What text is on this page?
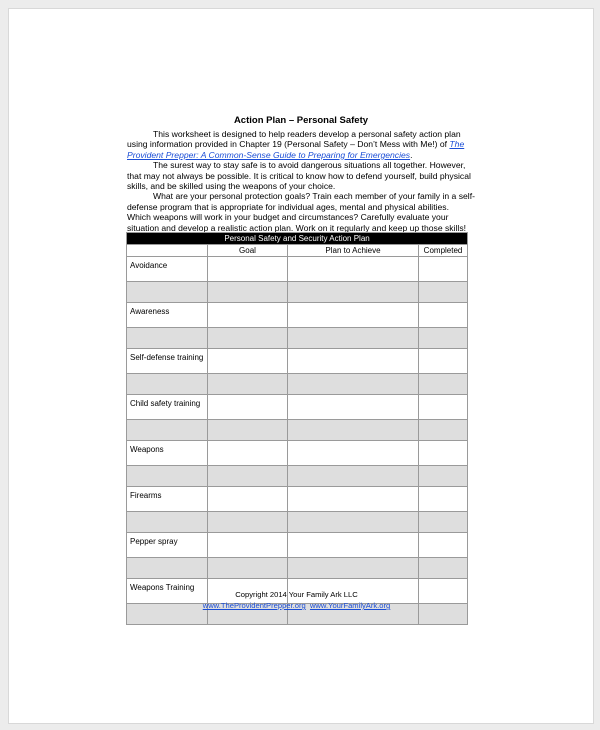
Action Plan – Personal Safety

This worksheet is designed to help readers develop a personal safety action plan using information provided in Chapter 19 (Personal Safety – Don’t Mess with Me!) of The Provident Prepper: A Common-Sense Guide to Preparing for Emergencies.

The surest way to stay safe is to avoid dangerous situations all together. However, that may not always be possible. It is critical to know how to defend yourself, build physical skills, and be skilled using the weapons of your choice.

What are your personal protection goals? Train each member of your family in a self-defense program that is appropriate for individual ages, mental and physical abilities. Which weapons will work in your budget and circumstances? Carefully evaluate your situation and develop a realistic action plan. Work on it regularly and keep up those skills!

Personal Safety and Security Action Plan			
	Goal	Plan to Achieve	Completed
Avoidance			

Awareness			

Self-defense training			

Child safety training			

Weapons			

Firearms			

Pepper spray			

Weapons Training			

Copyright 2014 Your Family Ark LLC
www.TheProvidentPrepper.org www.YourFamilyArk.org
